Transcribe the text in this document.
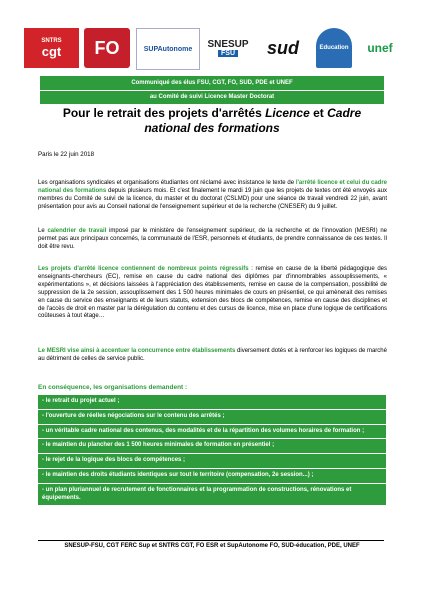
SNTRS
cgt FO	SUPAutonome SNESUP
FSU sud	Education unef
Communiqué des élus FSU, CGT, FO, SUD, PDE et UNEF
au Comité de suivi Licence Master Doctorat
Pour le retrait des projets d'arrêtés Licence et Cadre national des formations
Paris le 22 juin 2018
Les organisations syndicales et organisations étudiantes ont réclamé avec insistance le texte de l'arrêté licence et celui du cadre national des formations depuis plusieurs mois. Et c'est finalement le mardi 19 juin que les projets de textes ont été envoyés aux membres du Comité de suivi de la licence, du master et du doctorat (CSLMD) pour une séance de travail vendredi 22 juin, avant présentation pour avis au Conseil national de l'enseignement supérieur et de la recherche (CNESER) du 9 juillet.
Le calendrier de travail imposé par le ministère de l'enseignement supérieur, de la recherche et de l'innovation (MESRI) ne permet pas aux principaux concernés, la communauté de l'ESR, personnels et étudiants, de prendre connaissance de ces textes. Il doit être revu.
Les projets d'arrêté licence contiennent de nombreux points régressifs : remise en cause de la liberté pédagogique des enseignants-chercheurs (EC), remise en cause du cadre national des diplômes par d'innombrables assouplissements, « expérimentations », et décisions laissées à l'appréciation des établissements, remise en cause de la compensation, possibilité de suppression de la 2e session, assouplissement des 1 500 heures minimales de cours en présentiel, ce qui amènerait des remises en cause du service des enseignants et de leurs statuts, extension des blocs de compétences, remise en cause des disciplines et de l'accès de droit en master par la dérégulation du contenu et des cursus de licence, mise en place d'une logique de certifications coûteuses à tout étage…
Le MESRI vise ainsi à accentuer la concurrence entre établissements diversement dotés et à renforcer les logiques de marché au détriment de celles de service public.
En conséquence, les organisations demandent :
- le retrait du projet actuel ;
- l'ouverture de réelles négociations sur le contenu des arrêtés ;
- un véritable cadre national des contenus, des modalités et de la répartition des volumes horaires de formation ;
- le maintien du plancher des 1 500 heures minimales de formation en présentiel ;
- le rejet de la logique des blocs de compétences ;
- le maintien des droits étudiants identiques sur tout le territoire (compensation, 2e session...) ;
- un plan pluriannuel de recrutement de fonctionnaires et la programmation de constructions, rénovations et équipements.
SNESUP-FSU, CGT FERC Sup et SNTRS CGT, FO ESR et SupAutonome FO, SUD-éducation, PDE, UNEF
